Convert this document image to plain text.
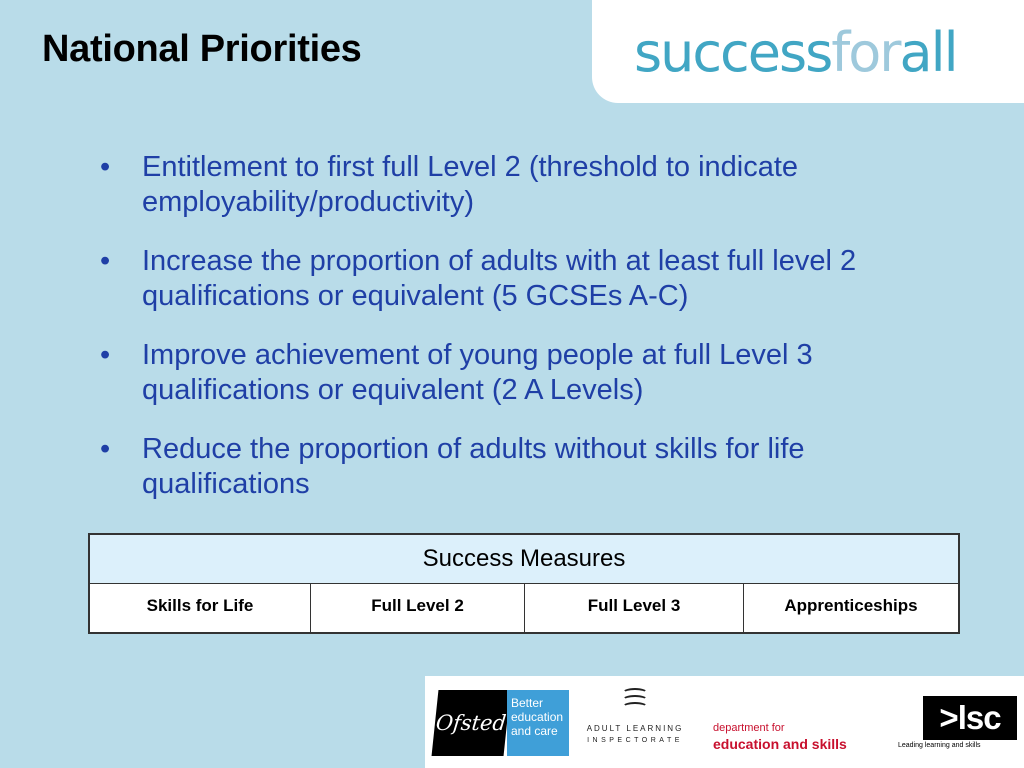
National Priorities	successforall
• Entitlement to first full Level 2 (threshold to indicate employability/productivity)
• Increase the proportion of adults with at least full level 2 qualifications or equivalent (5 GCSEs A-C)
• Improve achievement of young people at full Level 3 qualifications or equivalent (2 A Levels)
• Reduce the proportion of adults without skills for life qualifications
Success Measures
Skills for Life	Full Level 2	Full Level 3	Apprenticeships
Ofsted
Better
education
and care	ADULT LEARNING
INSPECTORATE
department for
education and skills
>lsc
Leading learning and skills
